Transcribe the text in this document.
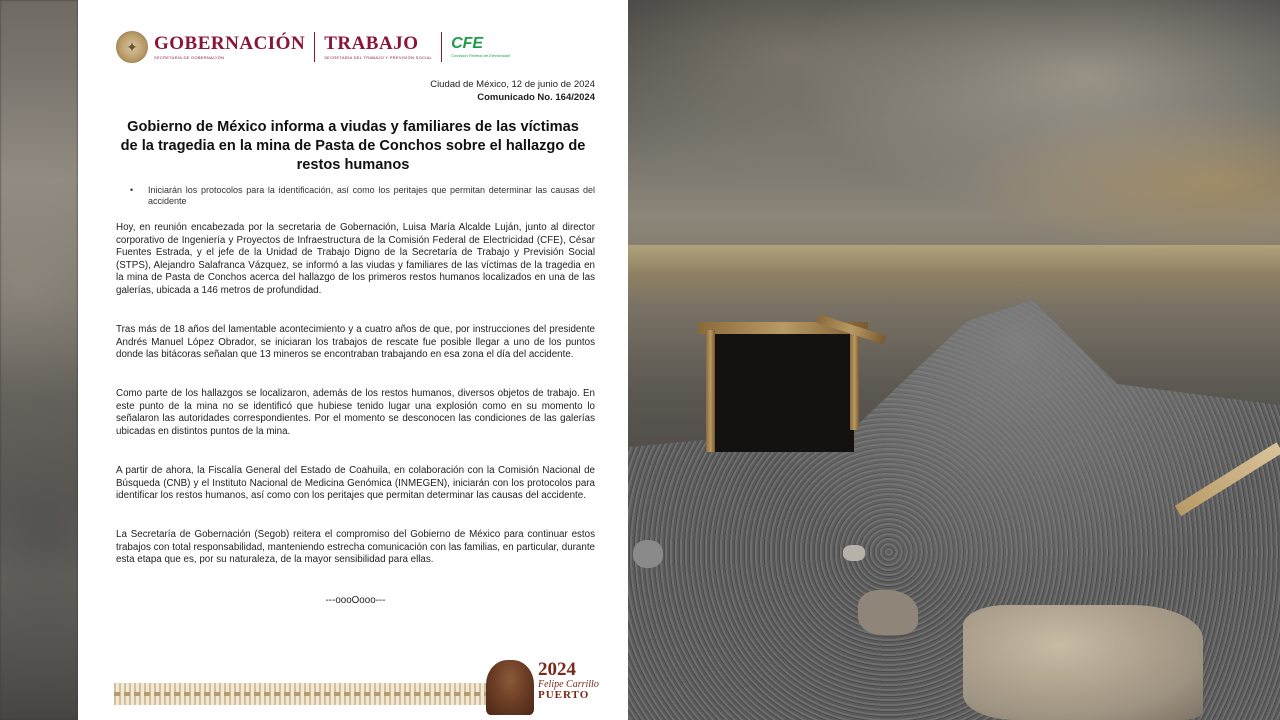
✦ GOBERNACIÓN
SECRETARÍA DE GOBERNACIÓN
TRABAJO
SECRETARÍA DEL TRABAJO Y PREVISIÓN SOCIAL
CFE
Comisión Federal de Electricidad
Ciudad de México, 12 de junio de 2024
Comunicado No. 164/2024
Gobierno de México informa a viudas y familiares de las víctimas de la tragedia en la mina de Pasta de Conchos sobre el hallazgo de restos humanos
•	Iniciarán los protocolos para la identificación, así como los peritajes que permitan determinar las causas del accidente

Hoy, en reunión encabezada por la secretaria de Gobernación, Luisa María Alcalde Luján, junto al director corporativo de Ingeniería y Proyectos de Infraestructura de la Comisión Federal de Electricidad (CFE), César Fuentes Estrada, y el jefe de la Unidad de Trabajo Digno de la Secretaría de Trabajo y Previsión Social (STPS), Alejandro Salafranca Vázquez, se informó a las viudas y familiares de las víctimas de la tragedia en la mina de Pasta de Conchos acerca del hallazgo de los primeros restos humanos localizados en una de las galerías, ubicada a 146 metros de profundidad.

Tras más de 18 años del lamentable acontecimiento y a cuatro años de que, por instrucciones del presidente Andrés Manuel López Obrador, se iniciaran los trabajos de rescate fue posible llegar a uno de los puntos donde las bitácoras señalan que 13 mineros se encontraban trabajando en esa zona el día del accidente.

Como parte de los hallazgos se localizaron, además de los restos humanos, diversos objetos de trabajo. En este punto de la mina no se identificó que hubiese tenido lugar una explosión como en su momento lo señalaron las autoridades correspondientes. Por el momento se desconocen las condiciones de las galerías ubicadas en distintos puntos de la mina.

A partir de ahora, la Fiscalía General del Estado de Coahuila, en colaboración con la Comisión Nacional de Búsqueda (CNB) y el Instituto Nacional de Medicina Genómica (INMEGEN), iniciarán con los protocolos para identificar los restos humanos, así como con los peritajes que permitan determinar las causas del accidente.

La Secretaría de Gobernación (Segob) reitera el compromiso del Gobierno de México para continuar estos trabajos con total responsabilidad, manteniendo estrecha comunicación con las familias, en particular, durante esta etapa que es, por su naturaleza, de la mayor sensibilidad para ellas.

---oooOooo---
2024
Felipe Carrillo
PUERTO
